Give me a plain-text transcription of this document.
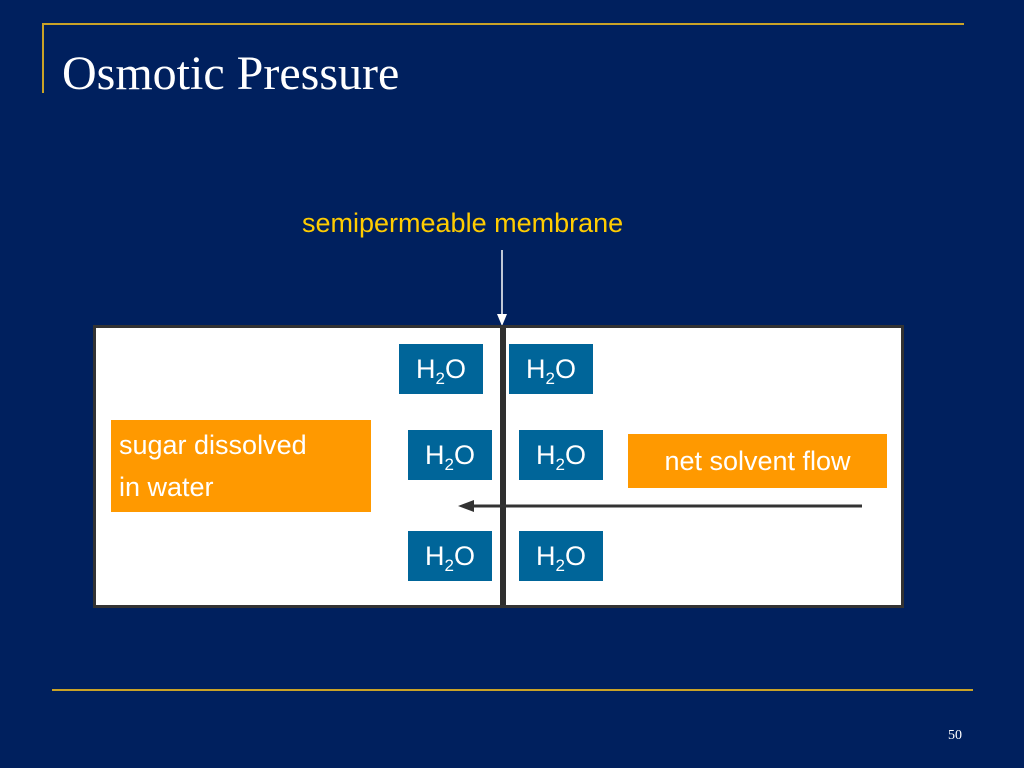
Osmotic Pressure
semipermeable membrane
$H_2O$	$H_2O$
$H_2O$	$H_2O$
$H_2O$	$H_2O$
sugar dissolved
in water
net solvent flow
50
